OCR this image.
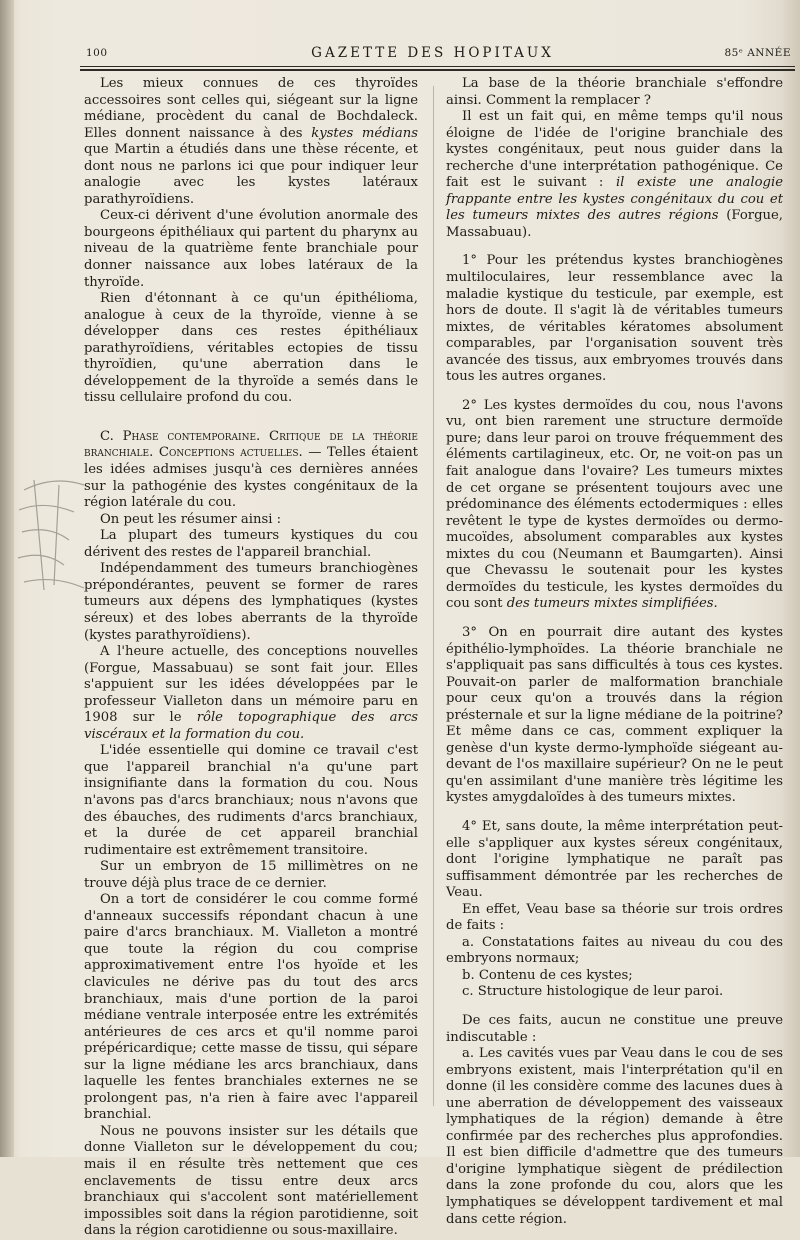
100	GAZETTE DES HOPITAUX	85ᵉ ANNÉE

Les mieux connues de ces thyroïdes accessoires sont celles qui, siégeant sur la ligne médiane, procèdent du canal de Bochdaleck. Elles donnent naissance à des kystes médians que Martin a étudiés dans une thèse récente, et dont nous ne parlons ici que pour indiquer leur analogie avec les kystes latéraux parathyroïdiens.

Ceux-ci dérivent d'une évolution anormale des bourgeons épithéliaux qui partent du pharynx au niveau de la quatrième fente branchiale pour donner naissance aux lobes latéraux de la thyroïde.

Rien d'étonnant à ce qu'un épithélioma, analogue à ceux de la thyroïde, vienne à se développer dans ces restes épithéliaux parathyroïdiens, véritables ectopies de tissu thyroïdien, qu'une aberration dans le développement de la thyroïde a semés dans le tissu cellulaire profond du cou.

C. Phase contemporaine. Critique de la théorie branchiale. Conceptions actuelles. — Telles étaient les idées admises jusqu'à ces dernières années sur la pathogénie des kystes congénitaux de la région latérale du cou.

On peut les résumer ainsi :

La plupart des tumeurs kystiques du cou dérivent des restes de l'appareil branchial.

Indépendamment des tumeurs branchiogènes prépondérantes, peuvent se former de rares tumeurs aux dépens des lymphatiques (kystes séreux) et des lobes aberrants de la thyroïde (kystes parathyroïdiens).

A l'heure actuelle, des conceptions nouvelles (Forgue, Massabuau) se sont fait jour. Elles s'appuient sur les idées développées par le professeur Vialleton dans un mémoire paru en 1908 sur le rôle topographique des arcs viscéraux et la formation du cou.

L'idée essentielle qui domine ce travail c'est que l'appareil branchial n'a qu'une part insignifiante dans la formation du cou. Nous n'avons pas d'arcs branchiaux; nous n'avons que des ébauches, des rudiments d'arcs branchiaux, et la durée de cet appareil branchial rudimentaire est extrêmement transitoire.

Sur un embryon de 15 millimètres on ne trouve déjà plus trace de ce dernier.

On a tort de considérer le cou comme formé d'anneaux successifs répondant chacun à une paire d'arcs branchiaux. M. Vialleton a montré que toute la région du cou comprise approximativement entre l'os hyoïde et les clavicules ne dérive pas du tout des arcs branchiaux, mais d'une portion de la paroi médiane ventrale interposée entre les extrémités antérieures de ces arcs et qu'il nomme paroi prépéricardique; cette masse de tissu, qui sépare sur la ligne médiane les arcs branchiaux, dans laquelle les fentes branchiales externes ne se prolongent pas, n'a rien à faire avec l'appareil branchial.

Nous ne pouvons insister sur les détails que donne Vialleton sur le développement du cou; mais il en résulte très nettement que ces enclavements de tissu entre deux arcs branchiaux qui s'accolent sont matériellement impossibles soit dans la région parotidienne, soit dans la région carotidienne ou sous-maxillaire.

La base de la théorie branchiale s'effondre ainsi. Comment la remplacer ?

Il est un fait qui, en même temps qu'il nous éloigne de l'idée de l'origine branchiale des kystes congénitaux, peut nous guider dans la recherche d'une interprétation pathogénique. Ce fait est le suivant : il existe une analogie frappante entre les kystes congénitaux du cou et les tumeurs mixtes des autres régions (Forgue, Massabuau).

1° Pour les prétendus kystes branchiogènes multiloculaires, leur ressemblance avec la maladie kystique du testicule, par exemple, est hors de doute. Il s'agit là de véritables tumeurs mixtes, de véritables kératomes absolument comparables, par l'organisation souvent très avancée des tissus, aux embryomes trouvés dans tous les autres organes.

2° Les kystes dermoïdes du cou, nous l'avons vu, ont bien rarement une structure dermoïde pure; dans leur paroi on trouve fréquemment des éléments cartilagineux, etc. Or, ne voit-on pas un fait analogue dans l'ovaire? Les tumeurs mixtes de cet organe se présentent toujours avec une prédominance des éléments ectodermiques : elles revêtent le type de kystes dermoïdes ou dermo-mucoïdes, absolument comparables aux kystes mixtes du cou (Neumann et Baumgarten). Ainsi que Chevassu le soutenait pour les kystes dermoïdes du testicule, les kystes dermoïdes du cou sont des tumeurs mixtes simplifiées.

3° On en pourrait dire autant des kystes épithélio-lymphoïdes. La théorie branchiale ne s'appliquait pas sans difficultés à tous ces kystes. Pouvait-on parler de malformation branchiale pour ceux qu'on a trouvés dans la région présternale et sur la ligne médiane de la poitrine? Et même dans ce cas, comment expliquer la genèse d'un kyste dermo-lymphoïde siégeant au-devant de l'os maxillaire supérieur? On ne le peut qu'en assimilant d'une manière très légitime les kystes amygdaloïdes à des tumeurs mixtes.

4° Et, sans doute, la même interprétation peut-elle s'appliquer aux kystes séreux congénitaux, dont l'origine lymphatique ne paraît pas suffisamment démontrée par les recherches de Veau.

En effet, Veau base sa théorie sur trois ordres de faits :

a. Constatations faites au niveau du cou des embryons normaux;

b. Contenu de ces kystes;

c. Structure histologique de leur paroi.

De ces faits, aucun ne constitue une preuve indiscutable :

a. Les cavités vues par Veau dans le cou de ses embryons existent, mais l'interprétation qu'il en donne (il les considère comme des lacunes dues à une aberration de développement des vaisseaux lymphatiques de la région) demande à être confirmée par des recherches plus approfondies. Il est bien difficile d'admettre que des tumeurs d'origine lymphatique siègent de prédilection dans la zone profonde du cou, alors que les lymphatiques se développent tardivement et mal dans cette région.
